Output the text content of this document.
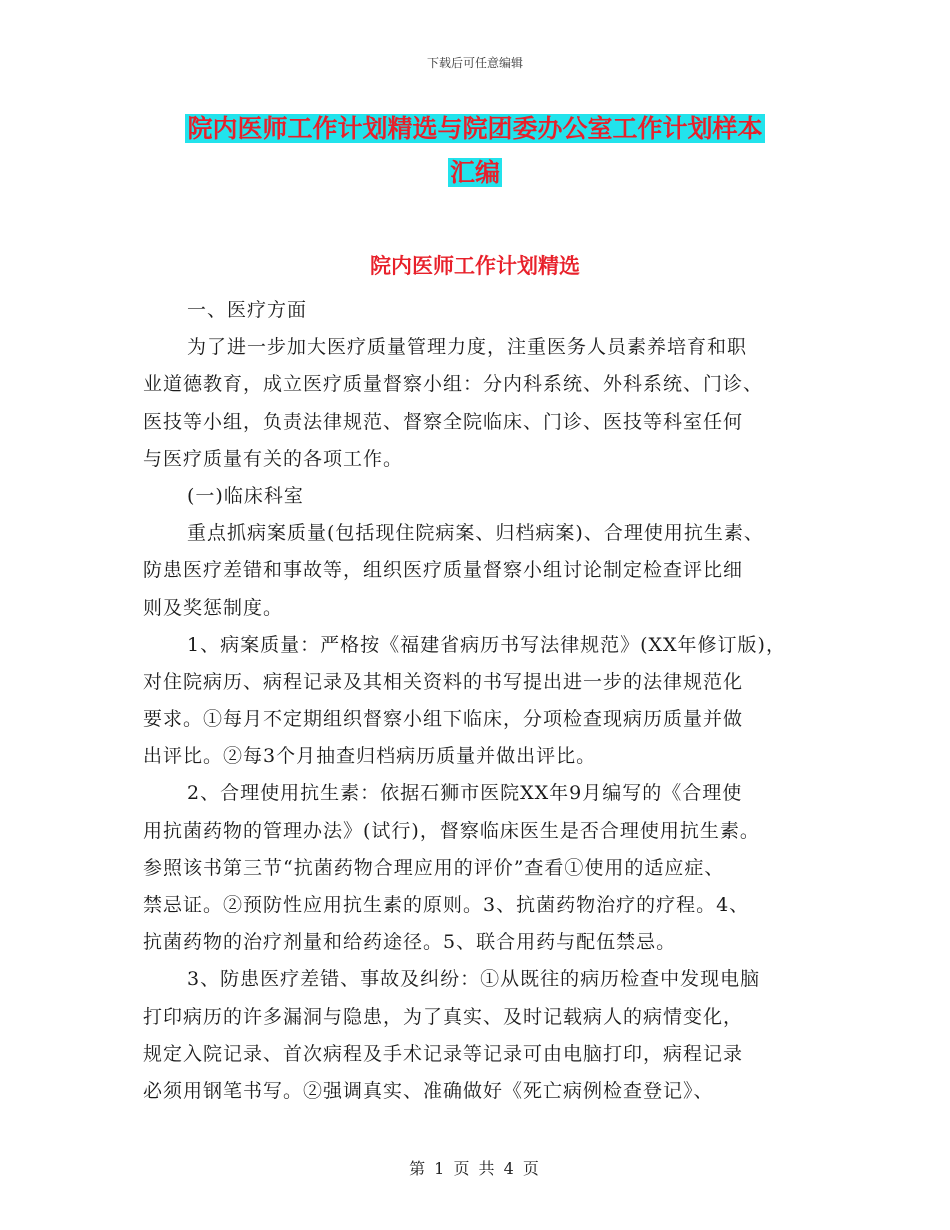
下载后可任意编辑
院内医师工作计划精选与院团委办公室工作计划样本
汇编
院内医师工作计划精选
一、医疗方面
为了进一步加大医疗质量管理力度，注重医务人员素养培育和职
业道德教育，成立医疗质量督察小组：分内科系统、外科系统、门诊、
医技等小组，负责法律规范、督察全院临床、门诊、医技等科室任何
与医疗质量有关的各项工作。
(一)临床科室
重点抓病案质量(包括现住院病案、归档病案)、合理使用抗生素、
防患医疗差错和事故等，组织医疗质量督察小组讨论制定检查评比细
则及奖惩制度。
1、病案质量：严格按《福建省病历书写法律规范》(XX年修订版)，
对住院病历、病程记录及其相关资料的书写提出进一步的法律规范化
要求。①每月不定期组织督察小组下临床，分项检查现病历质量并做
出评比。②每3个月抽查归档病历质量并做出评比。
2、合理使用抗生素：依据石狮市医院XX年9月编写的《合理使
用抗菌药物的管理办法》(试行)，督察临床医生是否合理使用抗生素。
参照该书第三节“抗菌药物合理应用的评价”查看①使用的适应症、
禁忌证。②预防性应用抗生素的原则。3、抗菌药物治疗的疗程。4、
抗菌药物的治疗剂量和给药途径。5、联合用药与配伍禁忌。
3、防患医疗差错、事故及纠纷：①从既往的病历检查中发现电脑
打印病历的许多漏洞与隐患，为了真实、及时记载病人的病情变化，
规定入院记录、首次病程及手术记录等记录可由电脑打印，病程记录
必须用钢笔书写。②强调真实、准确做好《死亡病例检查登记》、
第 1 页 共 4 页
